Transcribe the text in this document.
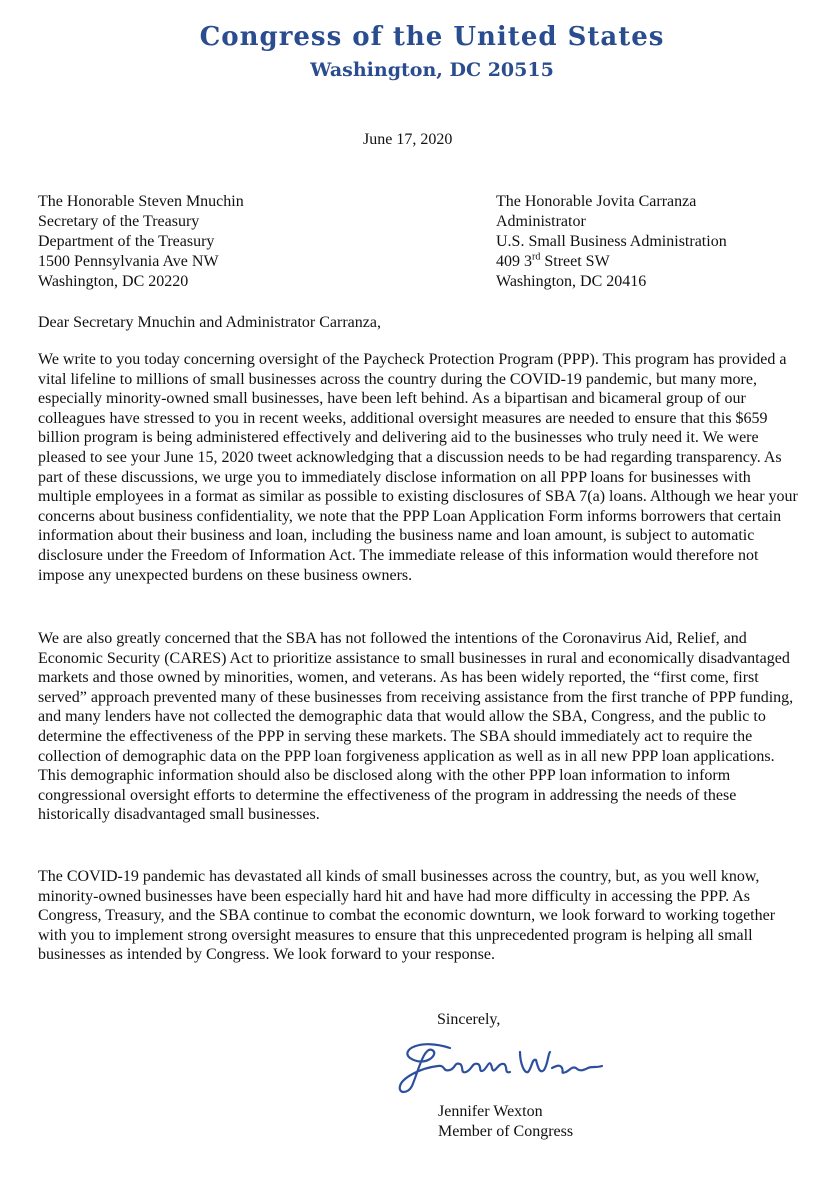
Congress of the United States
Washington, DC 20515
June 17, 2020
The Honorable Steven Mnuchin
Secretary of the Treasury
Department of the Treasury
1500 Pennsylvania Ave NW
Washington, DC 20220
The Honorable Jovita Carranza
Administrator
U.S. Small Business Administration
409 3rd Street SW
Washington, DC 20416
Dear Secretary Mnuchin and Administrator Carranza,

We write to you today concerning oversight of the Paycheck Protection Program (PPP). This program has provided a vital lifeline to millions of small businesses across the country during the COVID-19 pandemic, but many more, especially minority-owned small businesses, have been left behind. As a bipartisan and bicameral group of our colleagues have stressed to you in recent weeks, additional oversight measures are needed to ensure that this $659 billion program is being administered effectively and delivering aid to the businesses who truly need it. We were pleased to see your June 15, 2020 tweet acknowledging that a discussion needs to be had regarding transparency. As part of these discussions, we urge you to immediately disclose information on all PPP loans for businesses with multiple employees in a format as similar as possible to existing disclosures of SBA 7(a) loans. Although we hear your concerns about business confidentiality, we note that the PPP Loan Application Form informs borrowers that certain information about their business and loan, including the business name and loan amount, is subject to automatic disclosure under the Freedom of Information Act. The immediate release of this information would therefore not impose any unexpected burdens on these business owners.

We are also greatly concerned that the SBA has not followed the intentions of the Coronavirus Aid, Relief, and Economic Security (CARES) Act to prioritize assistance to small businesses in rural and economically disadvantaged markets and those owned by minorities, women, and veterans. As has been widely reported, the “first come, first served” approach prevented many of these businesses from receiving assistance from the first tranche of PPP funding, and many lenders have not collected the demographic data that would allow the SBA, Congress, and the public to determine the effectiveness of the PPP in serving these markets. The SBA should immediately act to require the collection of demographic data on the PPP loan forgiveness application as well as in all new PPP loan applications. This demographic information should also be disclosed along with the other PPP loan information to inform congressional oversight efforts to determine the effectiveness of the program in addressing the needs of these historically disadvantaged small businesses.

The COVID-19 pandemic has devastated all kinds of small businesses across the country, but, as you well know, minority-owned businesses have been especially hard hit and have had more difficulty in accessing the PPP. As Congress, Treasury, and the SBA continue to combat the economic downturn, we look forward to working together with you to implement strong oversight measures to ensure that this unprecedented program is helping all small businesses as intended by Congress. We look forward to your response.

Sincerely,
Jennifer Wexton
Member of Congress
